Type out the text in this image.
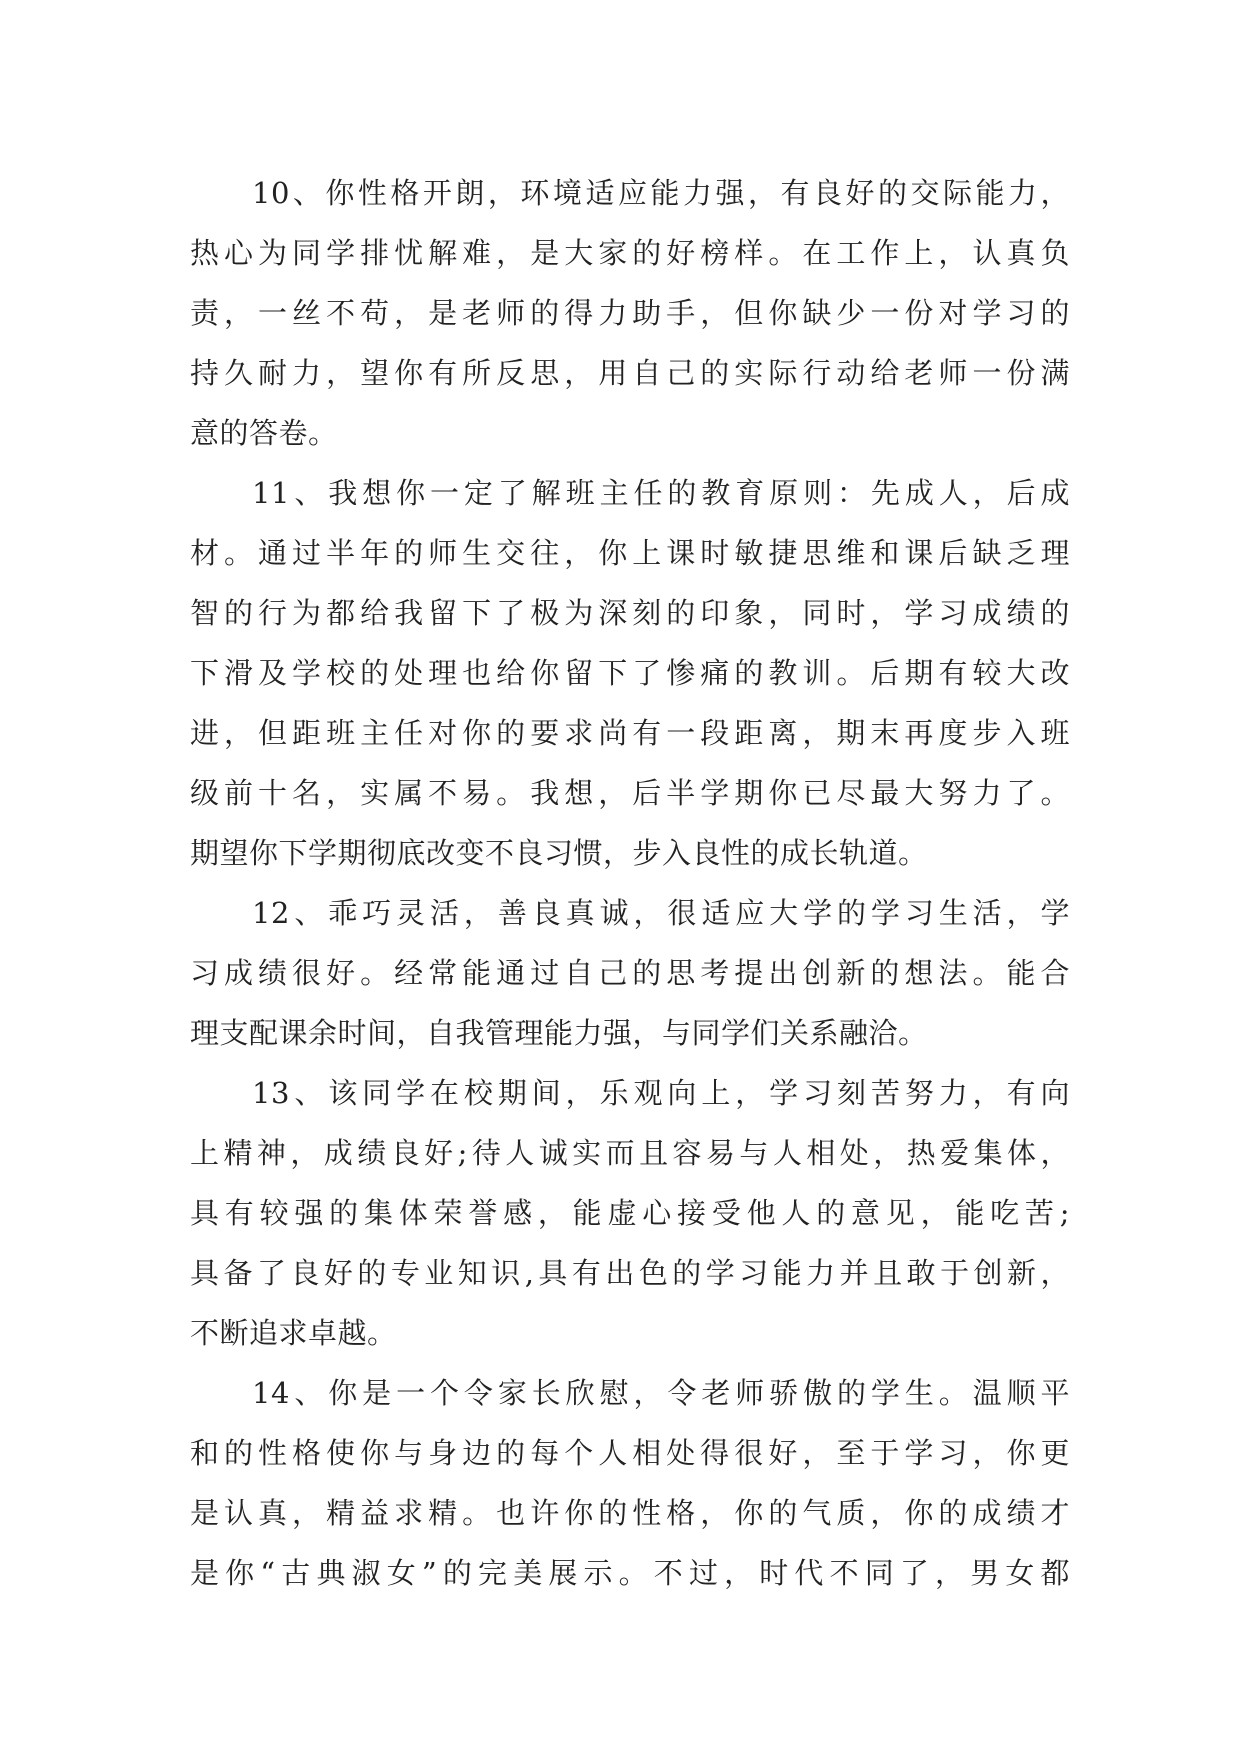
10、你性格开朗，环境适应能力强，有良好的交际能力，
热心为同学排忧解难，是大家的好榜样。在工作上，认真负
责，一丝不苟，是老师的得力助手，但你缺少一份对学习的
持久耐力，望你有所反思，用自己的实际行动给老师一份满
意的答卷。
11、我想你一定了解班主任的教育原则：先成人，后成
材。通过半年的师生交往，你上课时敏捷思维和课后缺乏理
智的行为都给我留下了极为深刻的印象，同时，学习成绩的
下滑及学校的处理也给你留下了惨痛的教训。后期有较大改
进，但距班主任对你的要求尚有一段距离，期末再度步入班
级前十名，实属不易。我想，后半学期你已尽最大努力了。
期望你下学期彻底改变不良习惯，步入良性的成长轨道。
12、乖巧灵活，善良真诚，很适应大学的学习生活，学
习成绩很好。经常能通过自己的思考提出创新的想法。能合
理支配课余时间，自我管理能力强，与同学们关系融洽。
13、该同学在校期间，乐观向上，学习刻苦努力，有向
上精神，成绩良好;待人诚实而且容易与人相处，热爱集体，
具有较强的集体荣誉感，能虚心接受他人的意见，能吃苦;
具备了良好的专业知识,具有出色的学习能力并且敢于创新，
不断追求卓越。
14、你是一个令家长欣慰，令老师骄傲的学生。温顺平
和的性格使你与身边的每个人相处得很好，至于学习，你更
是认真，精益求精。也许你的性格，你的气质，你的成绩才
是你“古典淑女”的完美展示。不过，时代不同了，男女都
